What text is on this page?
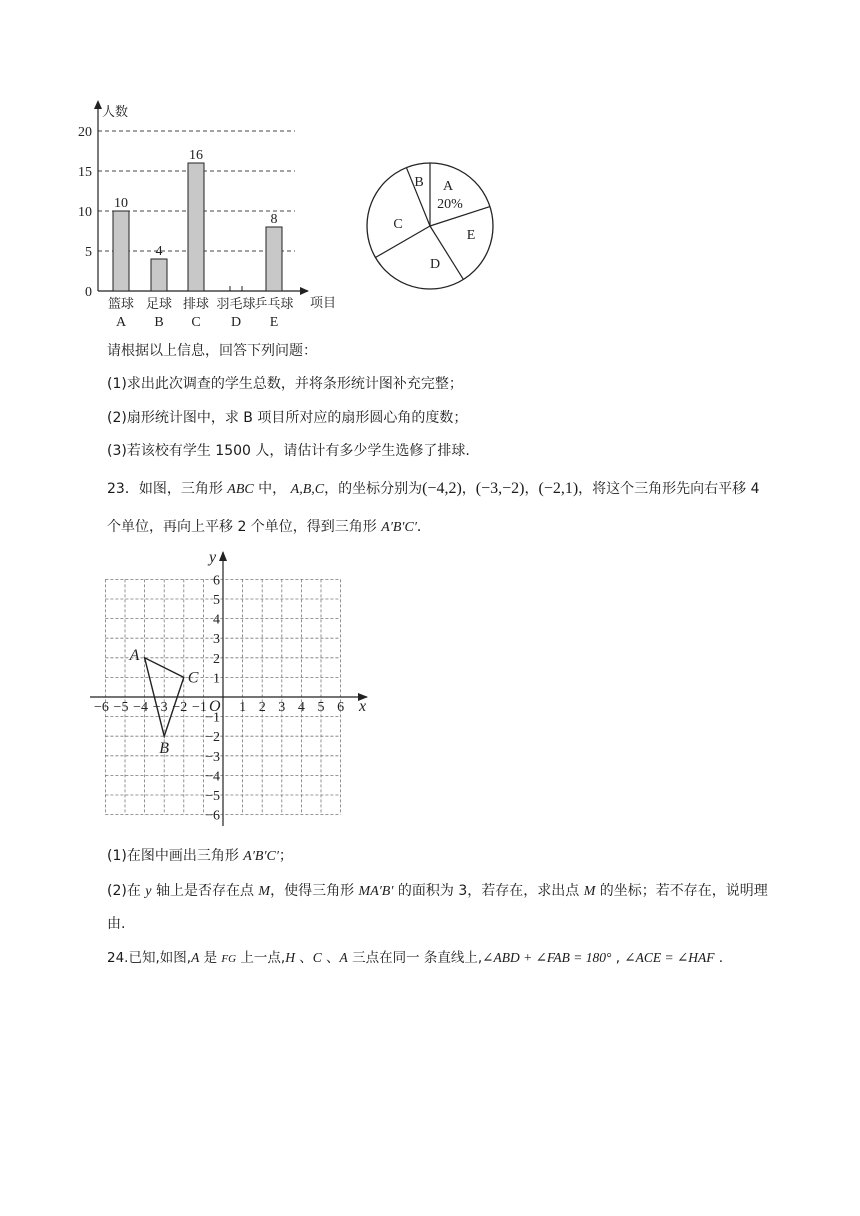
0
5
10
15
20
人数
项目
10
篮球
A
4
足球
B
16
排球
C
羽毛球
D
8
乒乓球
E
A
B
C
D
E
20%
请根据以上信息，回答下列问题：
(1)求出此次调查的学生总数，并将条形统计图补充完整；
(2)扇形统计图中，求 B 项目所对应的扇形圆心角的度数；
(3)若该校有学生 1500 人，请估计有多少学生选修了排球.
23．如图，三角形 ABC 中， A,B,C，的坐标分别为(−4,2)，(−3,−2)，(−2,1)，将这个三角形先向右平移 4
个单位，再向上平移 2 个单位，得到三角形 A′B′C′．
x
y
O
−6 −5 −4 −3 −2 −1 1 2 3 4 5 6
6
5
4
3
2
1
−1
−2
−3
−4
−5
−6
A
B
C
(1)在图中画出三角形 A′B′C′；
(2)在 y 轴上是否存在点 M，使得三角形 MA′B′ 的面积为 3，若存在，求出点 M 的坐标；若不存在，说明理
由.
24.已知,如图,A 是 FG 上一点,H 、C 、A 三点在同一 条直线上,∠ABD + ∠FAB = 180° , ∠ACE = ∠HAF .
